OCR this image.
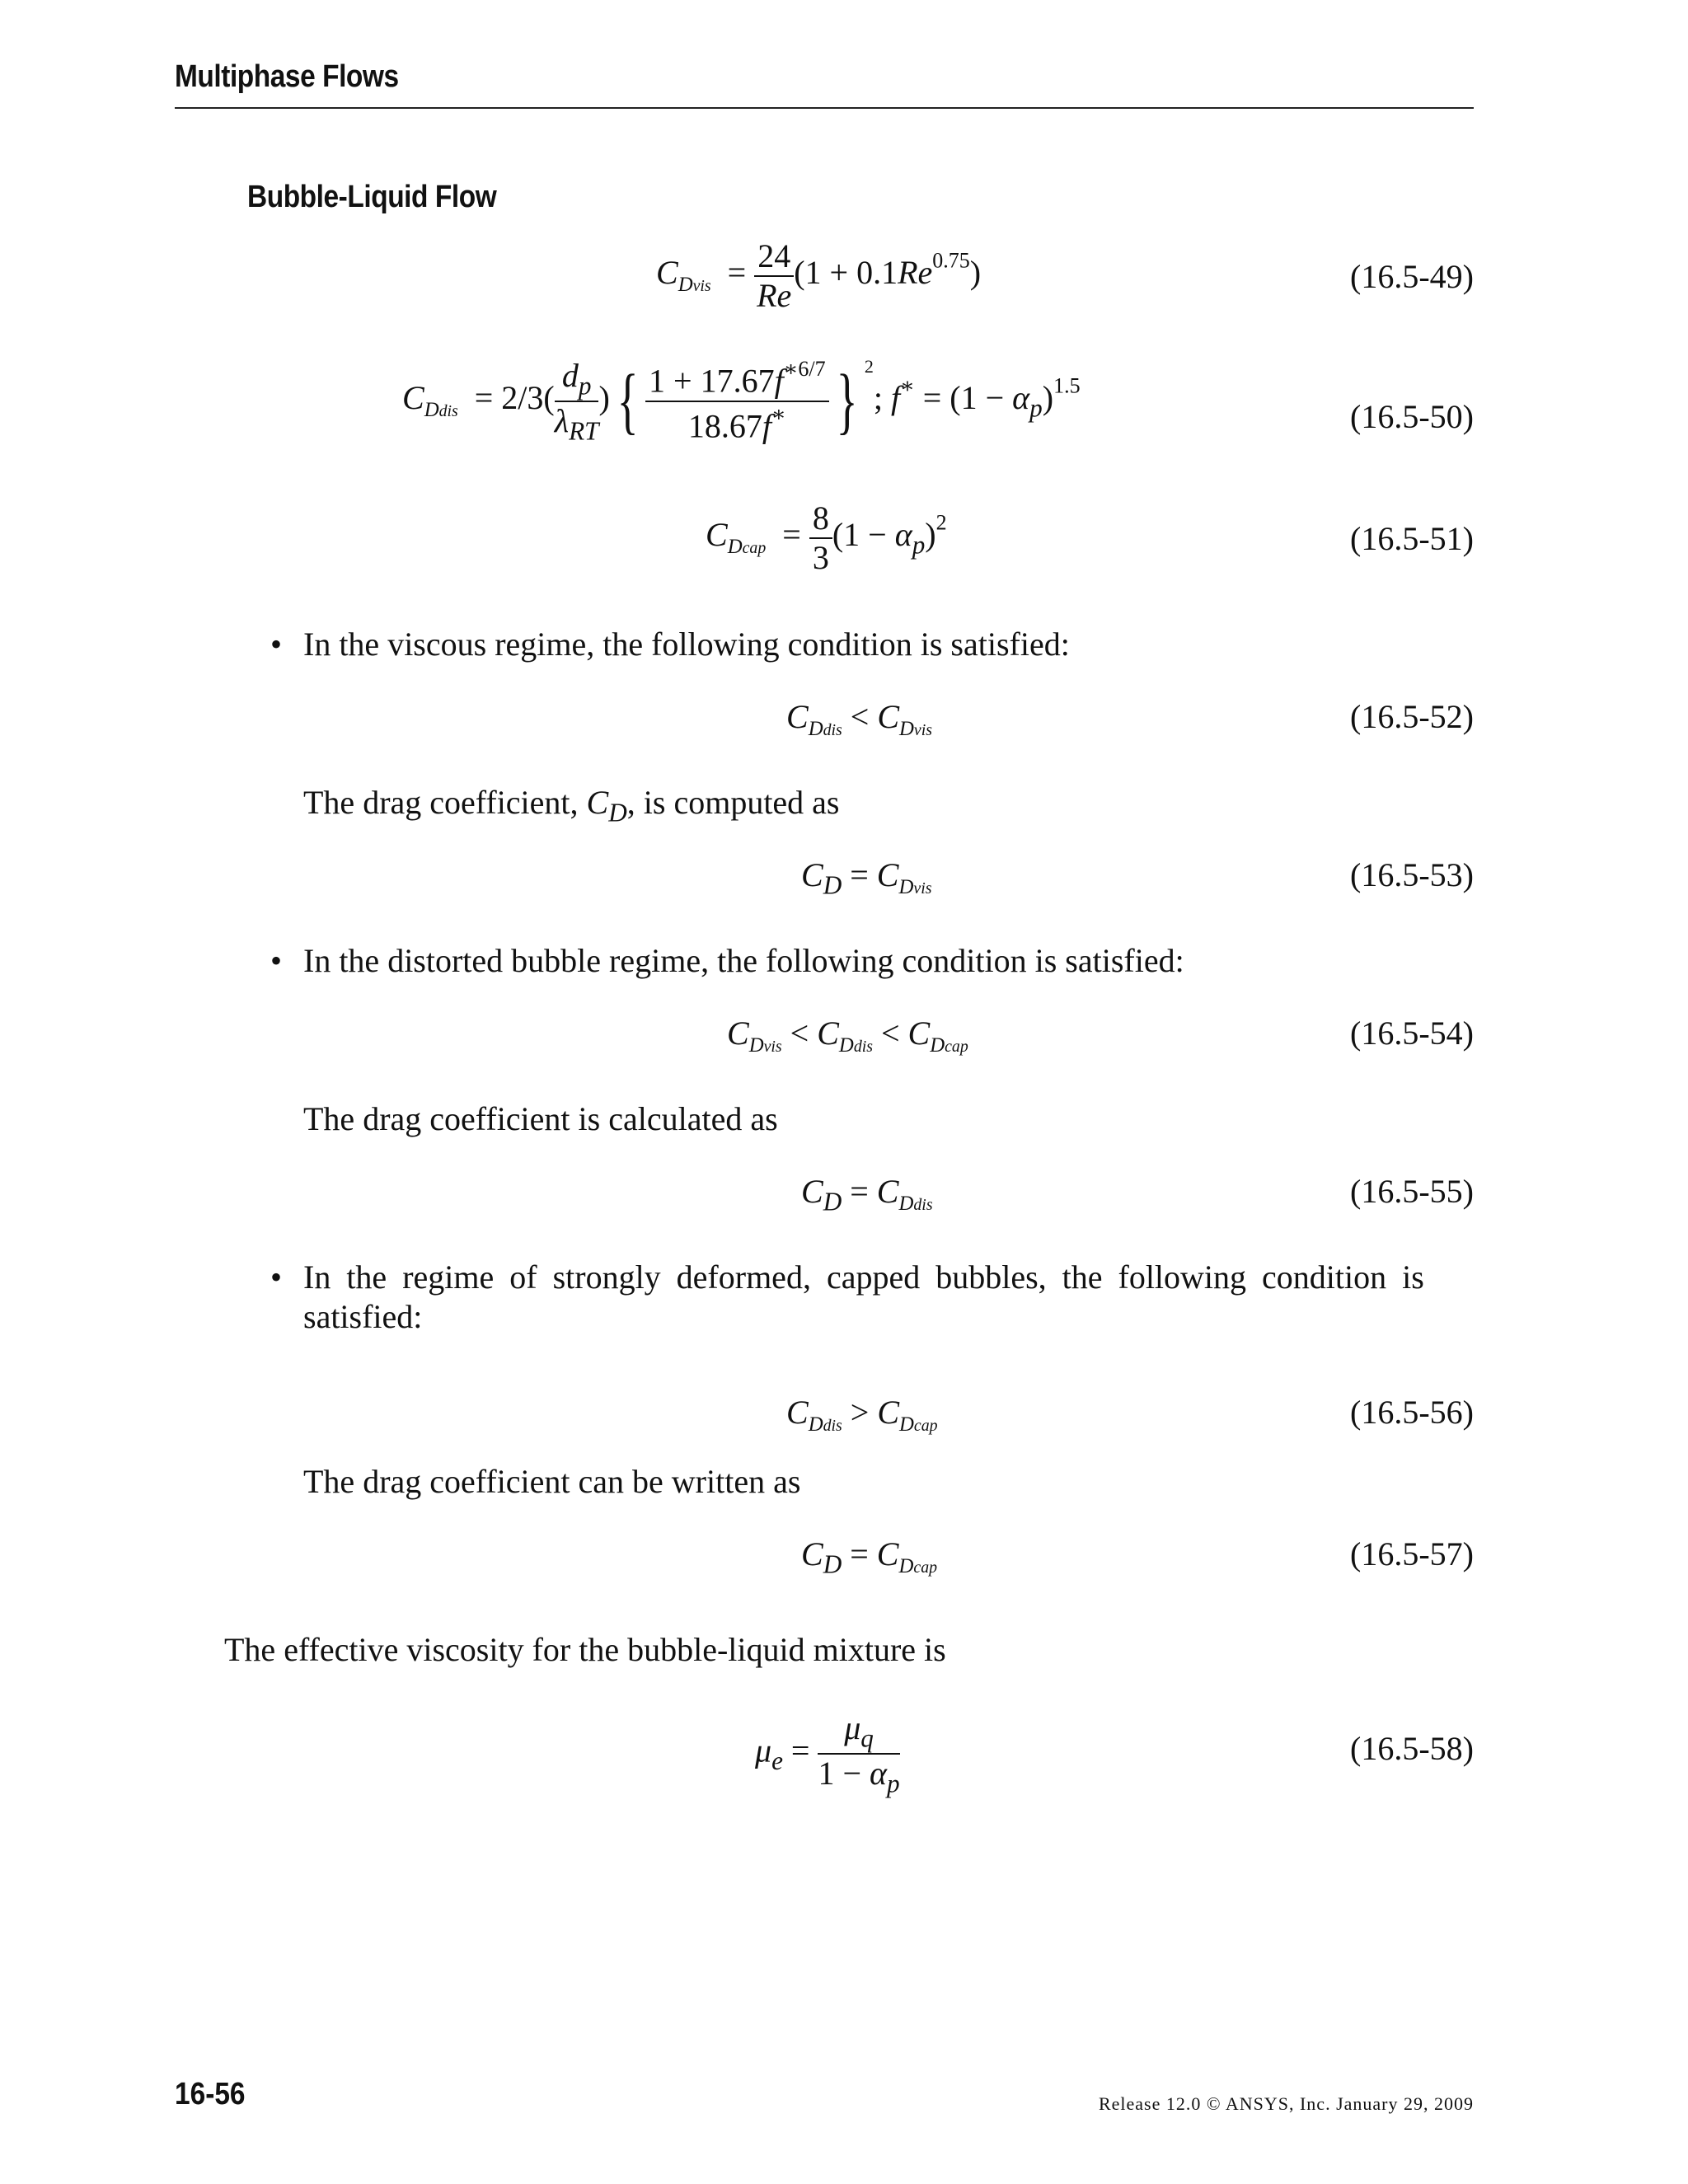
Multiphase Flows
Bubble-Liquid Flow
$C_{Dvis} = \frac{24}{Re} (1 + 0.1Re^{0.75})$	(16.5-49)
$C_{Ddis} = 2/3( \frac{d_p}{\lambda_{RT}}$ ){ $\frac{1 + 17.67f^{∗6/7}}{18.67f^∗}$ } $^2$; $f^∗ = (1 - \alpha_p)^{1.5}$
(16.5-50)
$C_{Dcap} = \frac{8}{3} (1 - \alpha_p)^2$	(16.5-51)
• In the viscous regime, the following condition is satisfied:
$C_{Ddis} < C_{Dvis}$	(16.5-52)
The drag coefficient, $C_D$, is computed as
$C_D = C_{Dvis}$	(16.5-53)
• In the distorted bubble regime, the following condition is satisfied:
$C_{Dvis} < C_{Ddis} < C_{Dcap}$	(16.5-54)
The drag coefficient is calculated as
$C_D = C_{Ddis}$	(16.5-55)
• In the regime of strongly deformed, capped bubbles, the following condition is
satisfied:
$C_{Ddis} > C_{Dcap}$	(16.5-56)
The drag coefficient can be written as
$C_D = C_{Dcap}$	(16.5-57)
The effective viscosity for the bubble-liquid mixture is
$\mu_e = \frac{\mu_q}{1 - \alpha_p}$	(16.5-58)
16-56	Release 12.0 © ANSYS, Inc. January 29, 2009
